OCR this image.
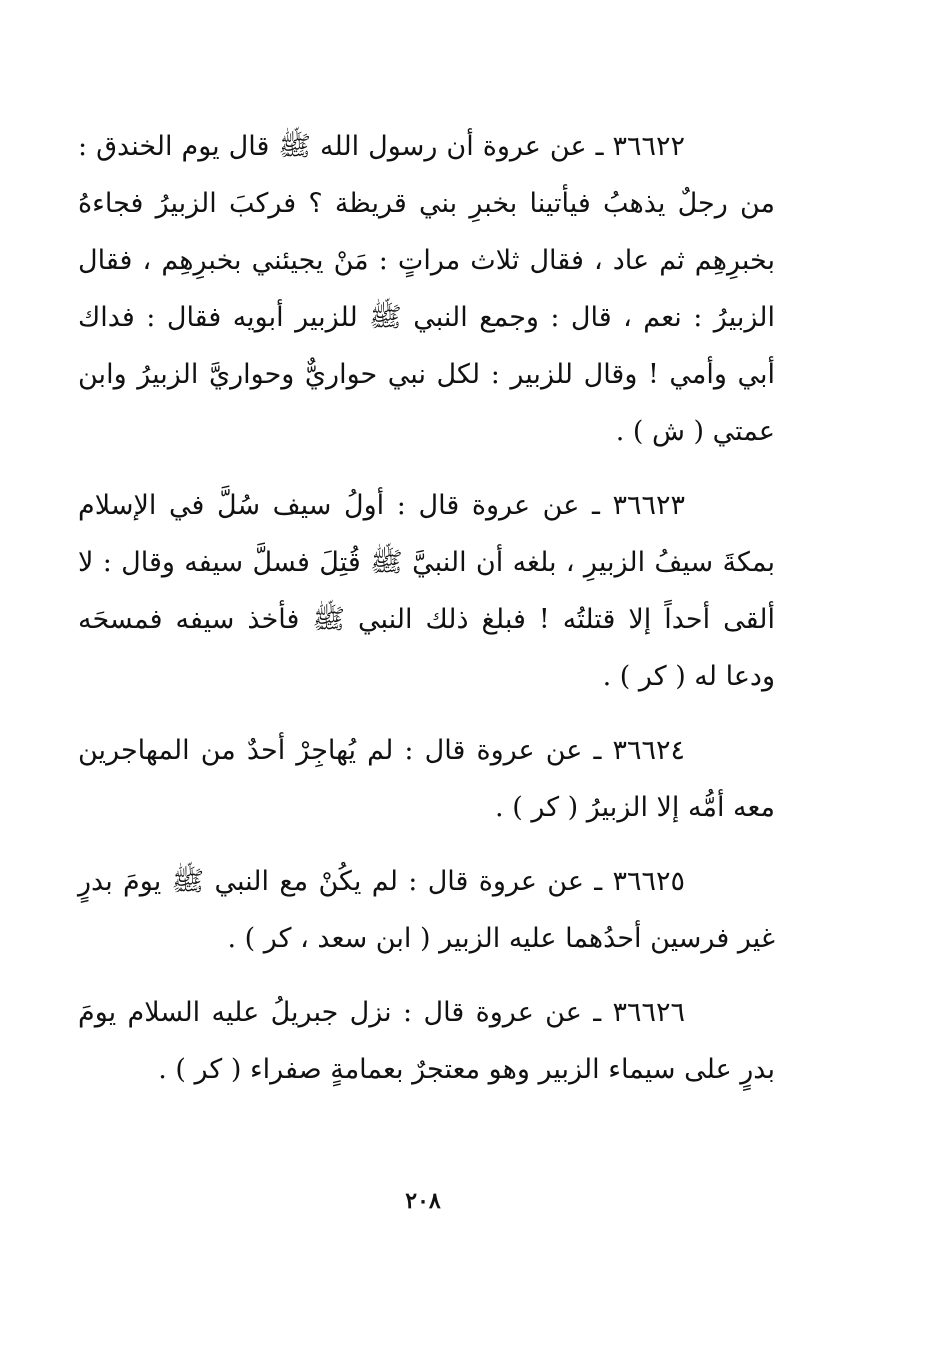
٣٦٦٢٢ ـ عن عروة أن رسول الله ﷺ قال يوم الخندق : من رجلٌ يذهبُ فيأتينا بخبرِ بني قريظة ؟ فركبَ الزبيرُ فجاءهُ بخبرِهِم ثم عاد ، فقال ثلاث مراتٍ : مَنْ يجيئني بخبرِهِم ، فقال الزبيرُ : نعم ، قال : وجمع النبي ﷺ للزبير أبويه فقال : فداك أبي وأمي ! وقال للزبير : لكل نبي حواريٌّ وحواريَّ الزبيرُ وابن عمتي ( ش ) .

٣٦٦٢٣ ـ عن عروة قال : أولُ سيف سُلَّ في الإسلام بمكةَ سيفُ الزبيرِ ، بلغه أن النبيَّ ﷺ قُتِلَ فسلَّ سيفه وقال : لا ألقى أحداً إلا قتلتُه ! فبلغ ذلك النبي ﷺ فأخذ سيفه فمسحَه ودعا له ( كر ) .

٣٦٦٢٤ ـ عن عروة قال : لم يُهاجِرْ أحدٌ من المهاجرين معه أمُّه إلا الزبيرُ ( كر ) .

٣٦٦٢٥ ـ عن عروة قال : لم يكُنْ مع النبي ﷺ يومَ بدرٍ غير فرسين أحدُهما عليه الزبير ( ابن سعد ، كر ) .

٣٦٦٢٦ ـ عن عروة قال : نزل جبريلُ عليه السلام يومَ بدرٍ على سيماء الزبير وهو معتجرٌ بعمامةٍ صفراء ( كر ) .

٢٠٨
